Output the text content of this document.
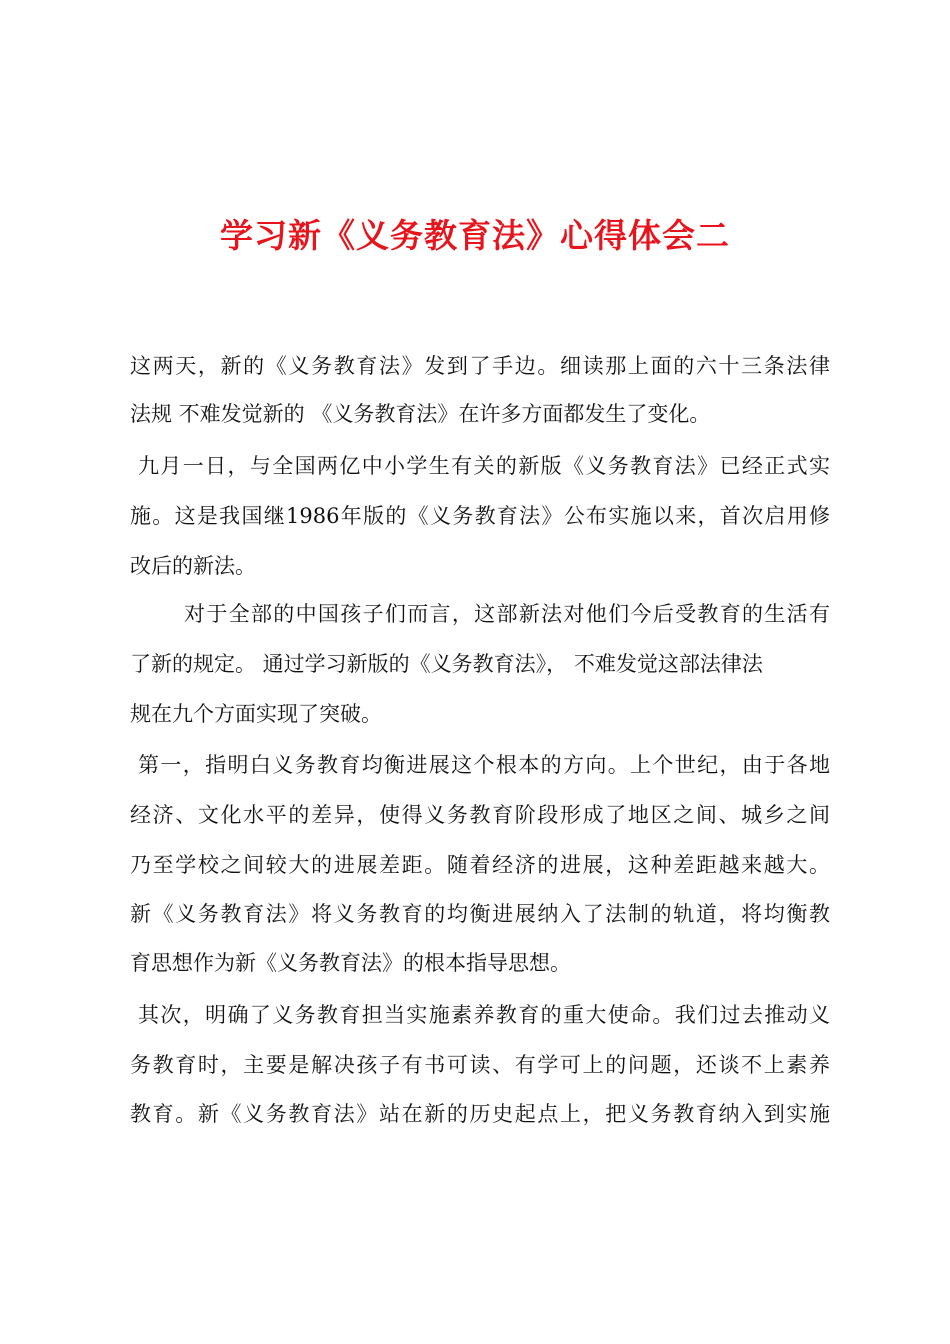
学习新《义务教育法》心得体会二

这两天，新的《义务教育法》发到了手边。细读那上面的六十三条法律

法规 不难发觉新的 《义务教育法》在许多方面都发生了变化。

九月一日，与全国两亿中小学生有关的新版《义务教育法》已经正式实

施。这是我国继1986年版的《义务教育法》公布实施以来，首次启用修

改后的新法。

对于全部的中国孩子们而言，这部新法对他们今后受教育的生活有

了新的规定。 通过学习新版的《义务教育法》， 不难发觉这部法律法

规在九个方面实现了突破。

第一，指明白义务教育均衡进展这个根本的方向。上个世纪，由于各地

经济、文化水平的差异，使得义务教育阶段形成了地区之间、城乡之间

乃至学校之间较大的进展差距。随着经济的进展，这种差距越来越大。

新《义务教育法》将义务教育的均衡进展纳入了法制的轨道，将均衡教

育思想作为新《义务教育法》的根本指导思想。

其次，明确了义务教育担当实施素养教育的重大使命。我们过去推动义

务教育时，主要是解决孩子有书可读、有学可上的问题，还谈不上素养

教育。新《义务教育法》站在新的历史起点上，把义务教育纳入到实施
